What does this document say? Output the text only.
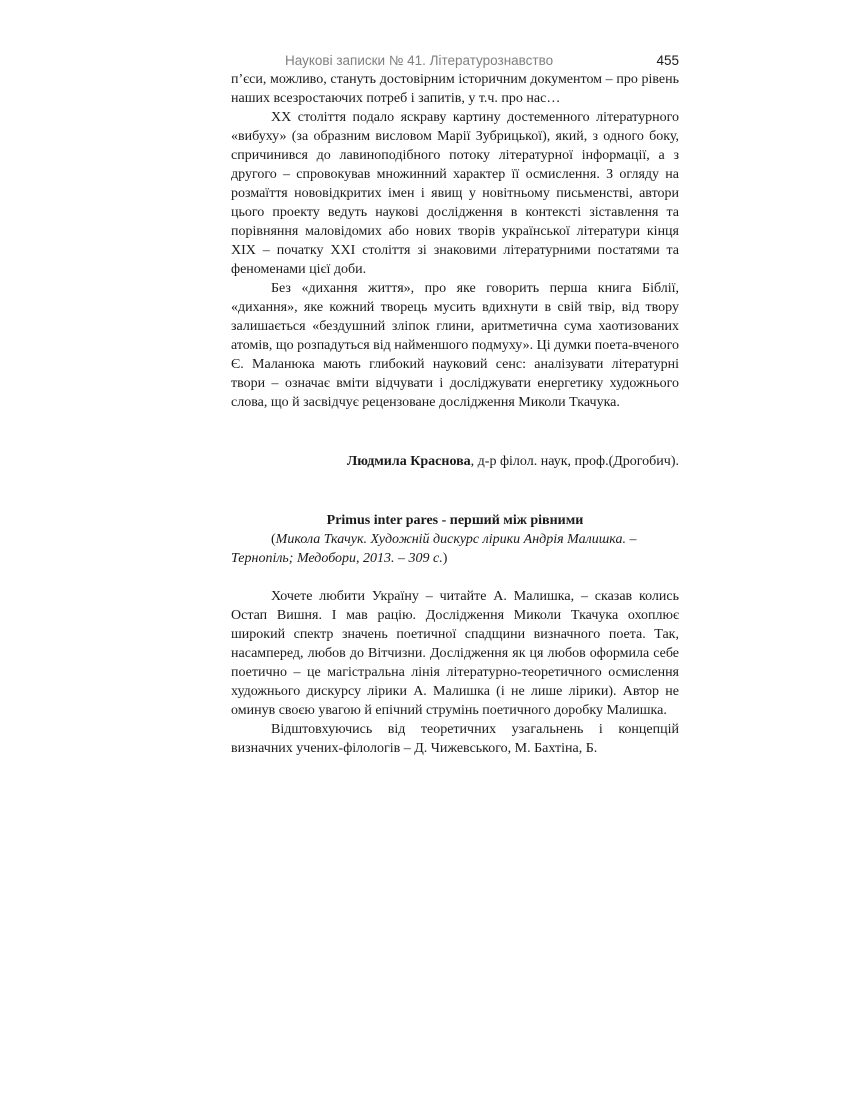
Наукові записки № 41. Літературознавство	455

п’єси, можливо, стануть достовірним історичним документом – про рівень наших всезростаючих потреб і запитів, у т.ч. про нас…

XX століття подало яскраву картину достеменного літературного «вибуху» (за образним висловом Марії Зубрицької), який, з одного боку, спричинився до лавиноподібного потоку літературної інформації, а з другого – спровокував множинний характер її осмислення. З огляду на розмаїття нововідкритих імен і явищ у новітньому письменстві, автори цього проекту ведуть наукові дослідження в контексті зіставлення та порівняння маловідомих або нових творів української літератури кінця XIX – початку XXI століття зі знаковими літературними постатями та феноменами цієї доби.

Без «дихання життя», про яке говорить перша книга Біблії, «дихання», яке кожний творець мусить вдихнути в свій твір, від твору залишається «бездушний зліпок глини, аритметична сума хаотизованих атомів, що розпадуться від найменшого подмуху». Ці думки поета-вченого Є. Маланюка мають глибокий науковий сенс: аналізувати літературні твори – означає вміти відчувати і досліджувати енергетику художнього слова, що й засвідчує рецензоване дослідження Миколи Ткачука.

Людмила Краснова, д-р філол. наук, проф.(Дрогобич).

Primus inter pares - перший між рівними

(Микола Ткачук. Художній дискурс лірики Андрія Малишка. – Тернопіль; Медобори, 2013. – 309 с.)

Хочете любити Україну – читайте А. Малишка, – сказав колись Остап Вишня. І мав рацію. Дослідження Миколи Ткачука охоплює широкий спектр значень поетичної спадщини визначного поета. Так, насамперед, любов до Вітчизни. Дослідження як ця любов оформила себе поетично – це магістральна лінія літературно-теоретичного осмислення художнього дискурсу лірики А. Малишка (і не лише лірики). Автор не оминув своєю увагою й епічний струмінь поетичного доробку Малишка.

Відштовхуючись від теоретичних узагальнень і концепцій визначних учених-філологів – Д. Чижевського, М. Бахтіна, Б.
